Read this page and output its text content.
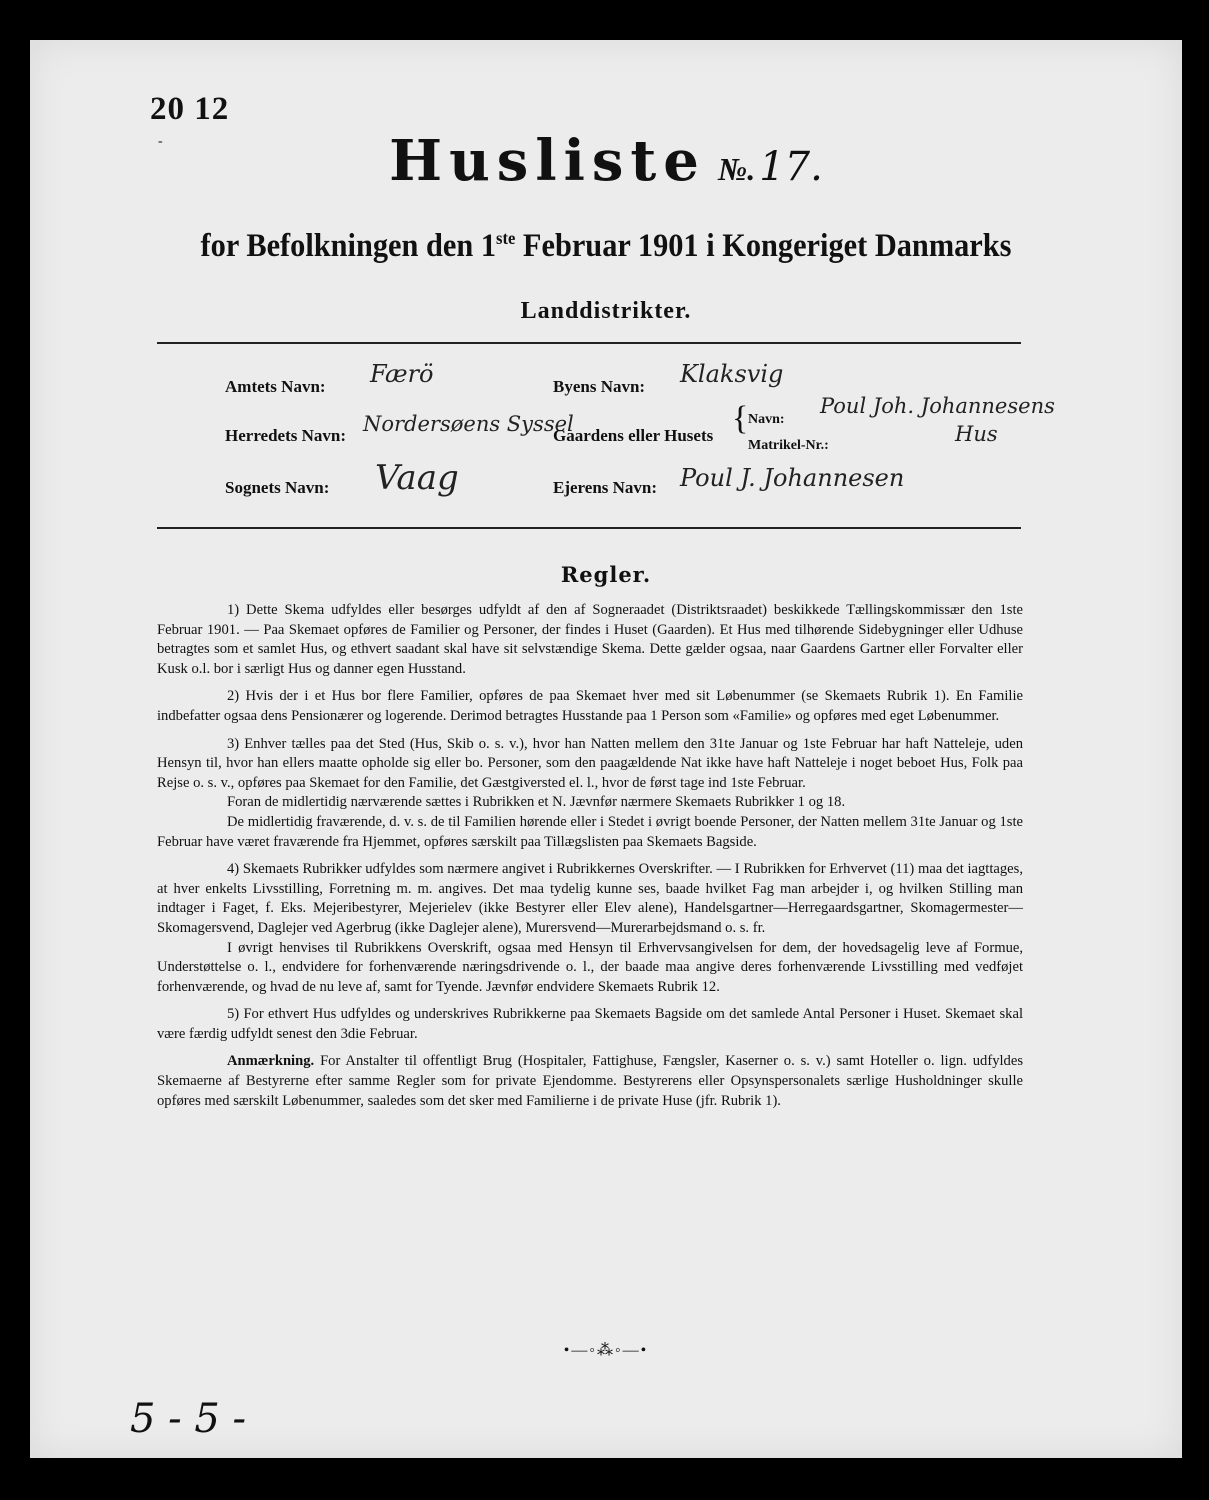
20 12
-	Husliste №. 17.
for Befolkningen den 1ste Februar 1901 i Kongeriget Danmarks
Landdistrikter.
Amtets Navn: Færö
Herredets Navn: Nordersøens Syssel
Sognets Navn: Vaag
Byens Navn: Klaksvig
Gaardens eller Husets { Navn:
Poul Joh. Johannesens
Hus
Matrikel-Nr.:
Ejerens Navn: Poul J. Johannesen
Regler.

1) Dette Skema udfyldes eller besørges udfyldt af den af Sogneraadet (Distriktsraadet) beskikkede Tællingskommissær den 1ste Februar 1901. — Paa Skemaet opføres de Familier og Personer, der findes i Huset (Gaarden). Et Hus med tilhørende Sidebygninger eller Udhuse betragtes som et samlet Hus, og ethvert saadant skal have sit selvstændige Skema. Dette gælder ogsaa, naar Gaardens Gartner eller Forvalter eller Kusk o.l. bor i særligt Hus og danner egen Husstand.

2) Hvis der i et Hus bor flere Familier, opføres de paa Skemaet hver med sit Løbenummer (se Skemaets Rubrik 1). En Familie indbefatter ogsaa dens Pensionærer og logerende. Derimod betragtes Husstande paa 1 Person som «Familie» og opføres med eget Løbenummer.

3) Enhver tælles paa det Sted (Hus, Skib o. s. v.), hvor han Natten mellem den 31te Januar og 1ste Februar har haft Natteleje, uden Hensyn til, hvor han ellers maatte opholde sig eller bo. Personer, som den paagældende Nat ikke have haft Natteleje i noget beboet Hus, Folk paa Rejse o. s. v., opføres paa Skemaet for den Familie, det Gæstgiversted el. l., hvor de først tage ind 1ste Februar.

Foran de midlertidig nærværende sættes i Rubrikken et N. Jævnfør nærmere Skemaets Rubrikker 1 og 18.

De midlertidig fraværende, d. v. s. de til Familien hørende eller i Stedet i øvrigt boende Personer, der Natten mellem 31te Januar og 1ste Februar have været fraværende fra Hjemmet, opføres særskilt paa Tillægslisten paa Skemaets Bagside.

4) Skemaets Rubrikker udfyldes som nærmere angivet i Rubrikkernes Overskrifter. — I Rubrikken for Erhvervet (11) maa det iagttages, at hver enkelts Livsstilling, Forretning m. m. angives. Det maa tydelig kunne ses, baade hvilket Fag man arbejder i, og hvilken Stilling man indtager i Faget, f. Eks. Mejeribestyrer, Mejerielev (ikke Bestyrer eller Elev alene), Handelsgartner—Herregaardsgartner, Skomagermester—Skomagersvend, Daglejer ved Agerbrug (ikke Daglejer alene), Murersvend—Murerarbejdsmand o. s. fr.

I øvrigt henvises til Rubrikkens Overskrift, ogsaa med Hensyn til Erhvervsangivelsen for dem, der hovedsagelig leve af Formue, Understøttelse o. l., endvidere for forhenværende næringsdrivende o. l., der baade maa angive deres forhenværende Livsstilling med vedføjet forhenværende, og hvad de nu leve af, samt for Tyende. Jævnfør endvidere Skemaets Rubrik 12.

5) For ethvert Hus udfyldes og underskrives Rubrikkerne paa Skemaets Bagside om det samlede Antal Personer i Huset. Skemaet skal være færdig udfyldt senest den 3die Februar.

Anmærkning. For Anstalter til offentligt Brug (Hospitaler, Fattighuse, Fængsler, Kaserner o. s. v.) samt Hoteller o. lign. udfyldes Skemaerne af Bestyrerne efter samme Regler som for private Ejendomme. Bestyrerens eller Opsynspersonalets særlige Husholdninger skulle opføres med særskilt Løbenummer, saaledes som det sker med Familierne i de private Huse (jfr. Rubrik 1).

•—◦⁂◦—•
5 - 5 -
